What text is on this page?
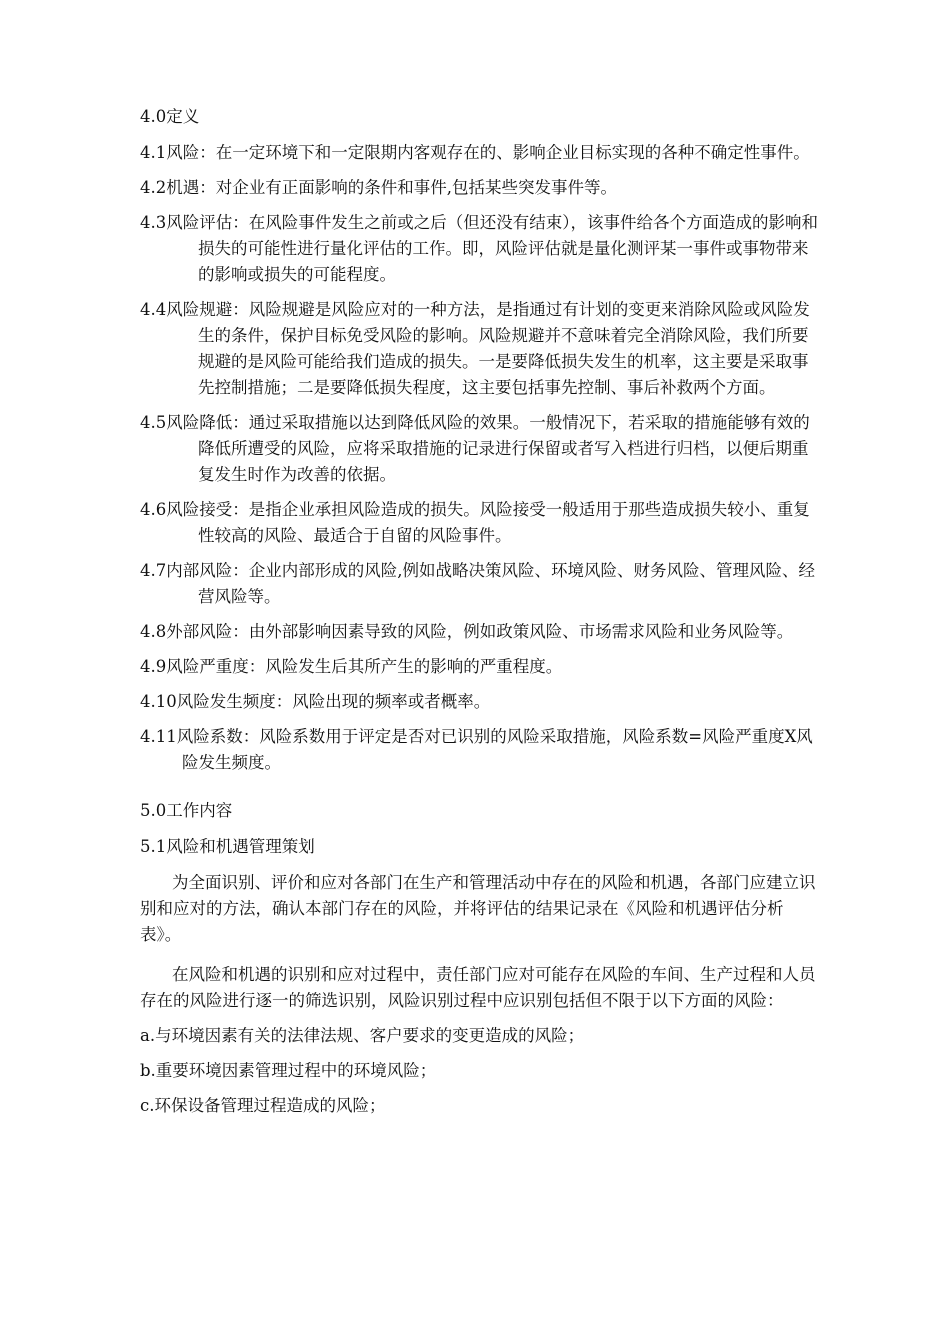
4.0定义
4.1风险：在一定环境下和一定限期内客观存在的、影响企业目标实现的各种不确定性事件。
4.2机遇：对企业有正面影响的条件和事件,包括某些突发事件等。
4.3风险评估：在风险事件发生之前或之后（但还没有结束），该事件给各个方面造成的影响和损失的可能性进行量化评估的工作。即，风险评估就是量化测评某一事件或事物带来的影响或损失的可能程度。
4.4风险规避：风险规避是风险应对的一种方法，是指通过有计划的变更来消除风险或风险发生的条件，保护目标免受风险的影响。风险规避并不意味着完全消除风险，我们所要规避的是风险可能给我们造成的损失。一是要降低损失发生的机率，这主要是采取事先控制措施；二是要降低损失程度，这主要包括事先控制、事后补救两个方面。
4.5风险降低：通过采取措施以达到降低风险的效果。一般情况下，若采取的措施能够有效的降低所遭受的风险，应将采取措施的记录进行保留或者写入档进行归档，以便后期重复发生时作为改善的依据。
4.6风险接受：是指企业承担风险造成的损失。风险接受一般适用于那些造成损失较小、重复性较高的风险、最适合于自留的风险事件。
4.7内部风险：企业内部形成的风险,例如战略决策风险、环境风险、财务风险、管理风险、经营风险等。
4.8外部风险：由外部影响因素导致的风险，例如政策风险、市场需求风险和业务风险等。
4.9风险严重度：风险发生后其所产生的影响的严重程度。
4.10风险发生频度：风险出现的频率或者概率。
4.11风险系数：风险系数用于评定是否对已识别的风险采取措施，风险系数=风险严重度X风险发生频度。
5.0工作内容
5.1风险和机遇管理策划
为全面识别、评价和应对各部门在生产和管理活动中存在的风险和机遇，各部门应建立识别和应对的方法，确认本部门存在的风险，并将评估的结果记录在《风险和机遇评估分析表》。
在风险和机遇的识别和应对过程中，责任部门应对可能存在风险的车间、生产过程和人员存在的风险进行逐一的筛选识别，风险识别过程中应识别包括但不限于以下方面的风险：
a.与环境因素有关的法律法规、客户要求的变更造成的风险；
b.重要环境因素管理过程中的环境风险；
c.环保设备管理过程造成的风险；
